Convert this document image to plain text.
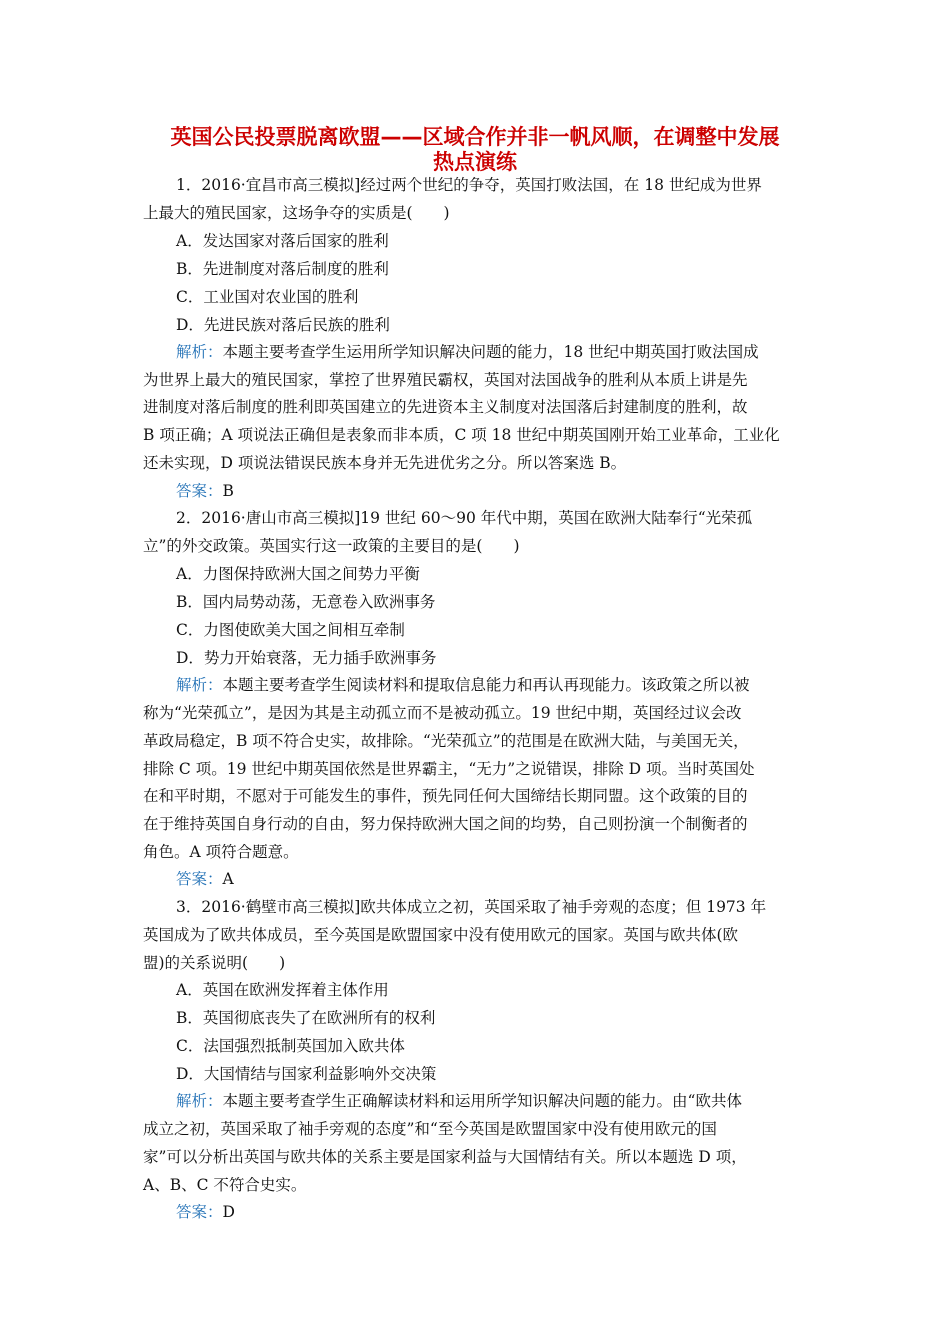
英国公民投票脱离欧盟——区域合作并非一帆风顺，在调整中发展
热点演练
1．2016·宜昌市高三模拟]经过两个世纪的争夺，英国打败法国，在 18 世纪成为世界
上最大的殖民国家，这场争夺的实质是(　　)
A．发达国家对落后国家的胜利
B．先进制度对落后制度的胜利
C．工业国对农业国的胜利
D．先进民族对落后民族的胜利
解析：本题主要考查学生运用所学知识解决问题的能力，18 世纪中期英国打败法国成
为世界上最大的殖民国家，掌控了世界殖民霸权，英国对法国战争的胜利从本质上讲是先
进制度对落后制度的胜利即英国建立的先进资本主义制度对法国落后封建制度的胜利，故
B 项正确；A 项说法正确但是表象而非本质，C 项 18 世纪中期英国刚开始工业革命，工业化
还未实现，D 项说法错误民族本身并无先进优劣之分。所以答案选 B。
答案：B
2．2016·唐山市高三模拟]19 世纪 60～90 年代中期，英国在欧洲大陆奉行“光荣孤
立”的外交政策。英国实行这一政策的主要目的是(　　)
A．力图保持欧洲大国之间势力平衡
B．国内局势动荡，无意卷入欧洲事务
C．力图使欧美大国之间相互牵制
D．势力开始衰落，无力插手欧洲事务
解析：本题主要考查学生阅读材料和提取信息能力和再认再现能力。该政策之所以被
称为“光荣孤立”，是因为其是主动孤立而不是被动孤立。19 世纪中期，英国经过议会改
革政局稳定，B 项不符合史实，故排除。“光荣孤立”的范围是在欧洲大陆，与美国无关，
排除 C 项。19 世纪中期英国依然是世界霸主，“无力”之说错误，排除 D 项。当时英国处
在和平时期，不愿对于可能发生的事件，预先同任何大国缔结长期同盟。这个政策的目的
在于维持英国自身行动的自由，努力保持欧洲大国之间的均势，自己则扮演一个制衡者的
角色。A 项符合题意。
答案：A
3．2016·鹤壁市高三模拟]欧共体成立之初，英国采取了袖手旁观的态度；但 1973 年
英国成为了欧共体成员，至今英国是欧盟国家中没有使用欧元的国家。英国与欧共体(欧
盟)的关系说明(　　)
A．英国在欧洲发挥着主体作用
B．英国彻底丧失了在欧洲所有的权利
C．法国强烈抵制英国加入欧共体
D．大国情结与国家利益影响外交决策
解析：本题主要考查学生正确解读材料和运用所学知识解决问题的能力。由“欧共体
成立之初，英国采取了袖手旁观的态度”和“至今英国是欧盟国家中没有使用欧元的国
家”可以分析出英国与欧共体的关系主要是国家利益与大国情结有关。所以本题选 D 项，
A、B、C 不符合史实。
答案：D
